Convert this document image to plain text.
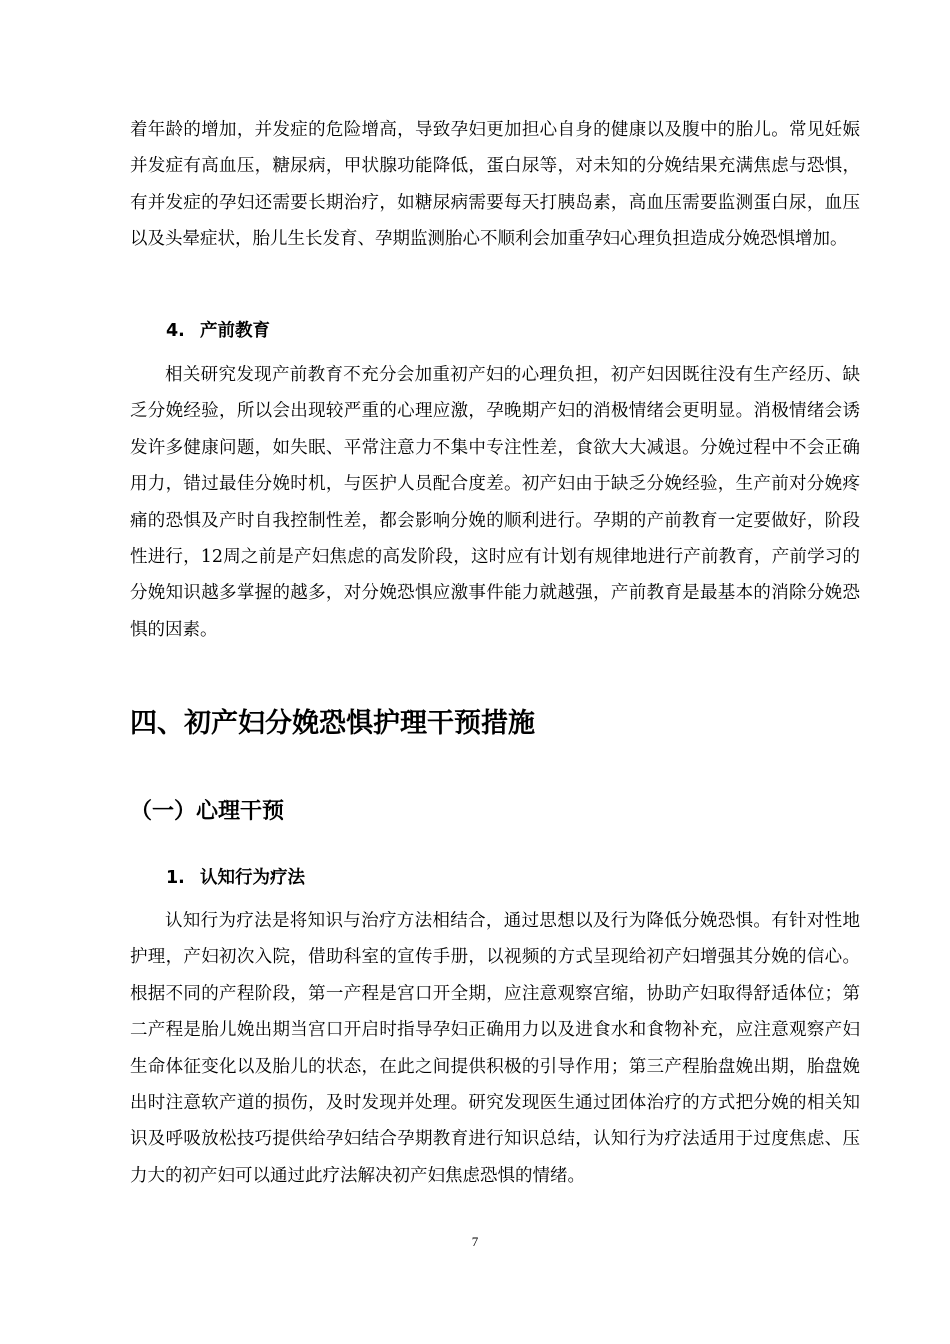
着年龄的增加，并发症的危险增高，导致孕妇更加担心自身的健康以及腹中的胎儿。常见妊娠并发症有高血压，糖尿病，甲状腺功能降低，蛋白尿等，对未知的分娩结果充满焦虑与恐惧，有并发症的孕妇还需要长期治疗，如糖尿病需要每天打胰岛素，高血压需要监测蛋白尿，血压以及头晕症状，胎儿生长发育、孕期监测胎心不顺利会加重孕妇心理负担造成分娩恐惧增加。

4. 产前教育

相关研究发现产前教育不充分会加重初产妇的心理负担，初产妇因既往没有生产经历、缺乏分娩经验，所以会出现较严重的心理应激，孕晚期产妇的消极情绪会更明显。消极情绪会诱发许多健康问题，如失眠、平常注意力不集中专注性差，食欲大大减退。分娩过程中不会正确用力，错过最佳分娩时机，与医护人员配合度差。初产妇由于缺乏分娩经验，生产前对分娩疼痛的恐惧及产时自我控制性差，都会影响分娩的顺利进行。孕期的产前教育一定要做好，阶段性进行，12周之前是产妇焦虑的高发阶段，这时应有计划有规律地进行产前教育，产前学习的分娩知识越多掌握的越多，对分娩恐惧应激事件能力就越强，产前教育是最基本的消除分娩恐惧的因素。

四、初产妇分娩恐惧护理干预措施
（一）心理干预
1. 认知行为疗法

认知行为疗法是将知识与治疗方法相结合，通过思想以及行为降低分娩恐惧。有针对性地护理，产妇初次入院，借助科室的宣传手册，以视频的方式呈现给初产妇增强其分娩的信心。根据不同的产程阶段，第一产程是宫口开全期，应注意观察宫缩，协助产妇取得舒适体位；第二产程是胎儿娩出期当宫口开启时指导孕妇正确用力以及进食水和食物补充，应注意观察产妇生命体征变化以及胎儿的状态，在此之间提供积极的引导作用；第三产程胎盘娩出期，胎盘娩出时注意软产道的损伤，及时发现并处理。研究发现医生通过团体治疗的方式把分娩的相关知识及呼吸放松技巧提供给孕妇结合孕期教育进行知识总结，认知行为疗法适用于过度焦虑、压力大的初产妇可以通过此疗法解决初产妇焦虑恐惧的情绪。

7
